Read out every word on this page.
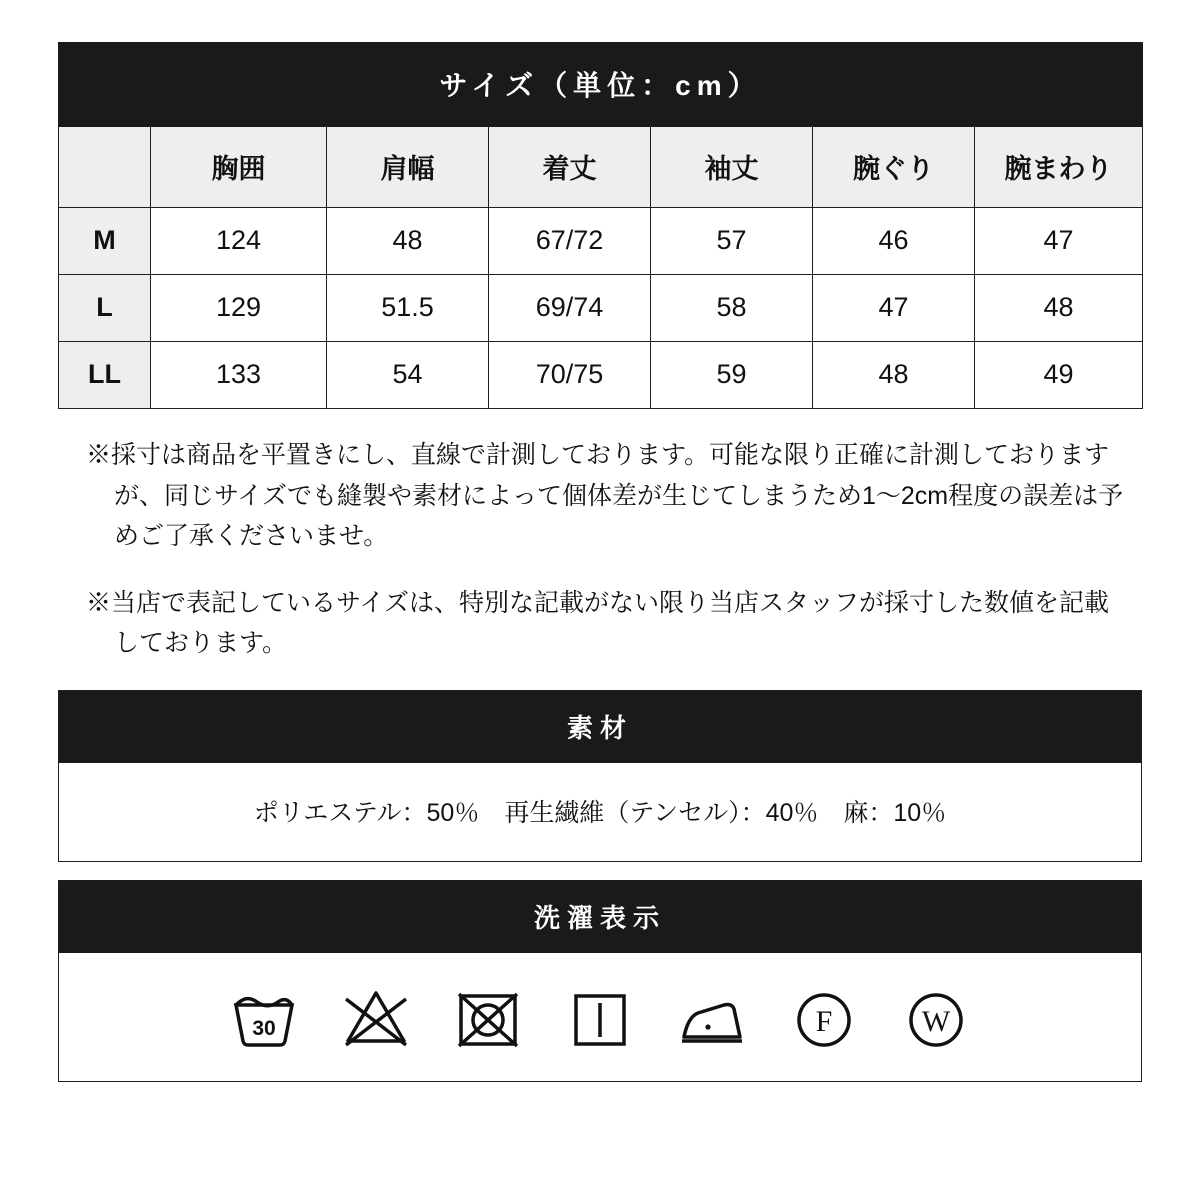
サイズ（単位：cm）						
	胸囲	肩幅	着丈	袖丈	腕ぐり	腕まわり
M	124	48	67/72	57	46	47
L	129	51.5	69/74	58	47	48
LL	133	54	70/75	59	48	49

※採寸は商品を平置きにし、直線で計測しております。可能な限り正確に計測しておりますが、同じサイズでも縫製や素材によって個体差が生じてしまうため1〜2cm程度の誤差は予めご了承くださいませ。

※当店で表記しているサイズは、特別な記載がない限り当店スタッフが採寸した数値を記載しております。

素材
ポリエステル：50％　再生繊維（テンセル）：40％　麻：10％
洗濯表示
30	F	W
